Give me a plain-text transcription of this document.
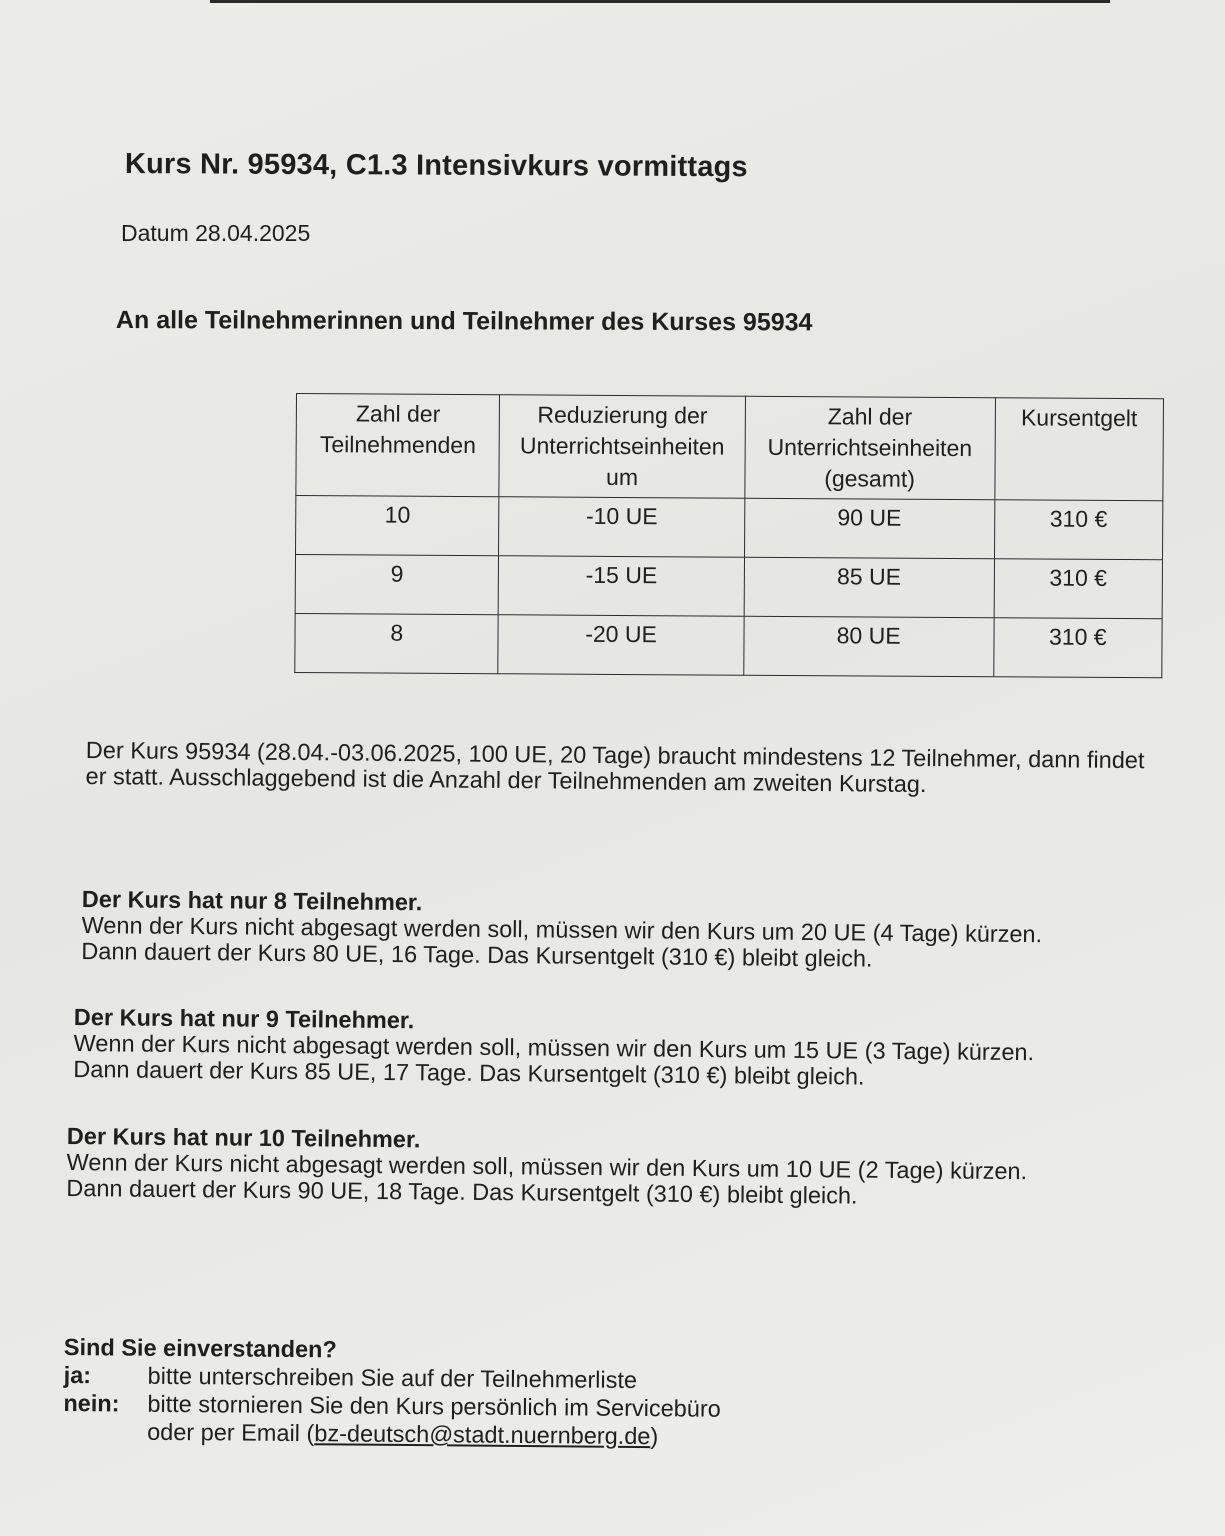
Kurs Nr. 95934, C1.3 Intensivkurs vormittags
Datum 28.04.2025
An alle Teilnehmerinnen und Teilnehmer des Kurses 95934
Zahl der Teilnehmenden	Reduzierung der Unterrichtseinheiten um	Zahl der Unterrichtseinheiten (gesamt)	Kursentgelt
10	-10 UE	90 UE	310 €
9	-15 UE	85 UE	310 €
8	-20 UE	80 UE	310 €

Der Kurs 95934 (28.04.-03.06.2025, 100 UE, 20 Tage) braucht mindestens 12 Teilnehmer, dann findet er statt. Ausschlaggebend ist die Anzahl der Teilnehmenden am zweiten Kurstag.

Der Kurs hat nur 8 Teilnehmer.
Wenn der Kurs nicht abgesagt werden soll, müssen wir den Kurs um 20 UE (4 Tage) kürzen.
Dann dauert der Kurs 80 UE, 16 Tage. Das Kursentgelt (310 €) bleibt gleich.
Der Kurs hat nur 9 Teilnehmer.
Wenn der Kurs nicht abgesagt werden soll, müssen wir den Kurs um 15 UE (3 Tage) kürzen.
Dann dauert der Kurs 85 UE, 17 Tage. Das Kursentgelt (310 €) bleibt gleich.
Der Kurs hat nur 10 Teilnehmer.
Wenn der Kurs nicht abgesagt werden soll, müssen wir den Kurs um 10 UE (2 Tage) kürzen.
Dann dauert der Kurs 90 UE, 18 Tage. Das Kursentgelt (310 €) bleibt gleich.
Sind Sie einverstanden?
ja:	bitte unterschreiben Sie auf der Teilnehmerliste
nein:	bitte stornieren Sie den Kurs persönlich im Servicebüro
oder per Email (bz-deutsch@stadt.nuernberg.de)
